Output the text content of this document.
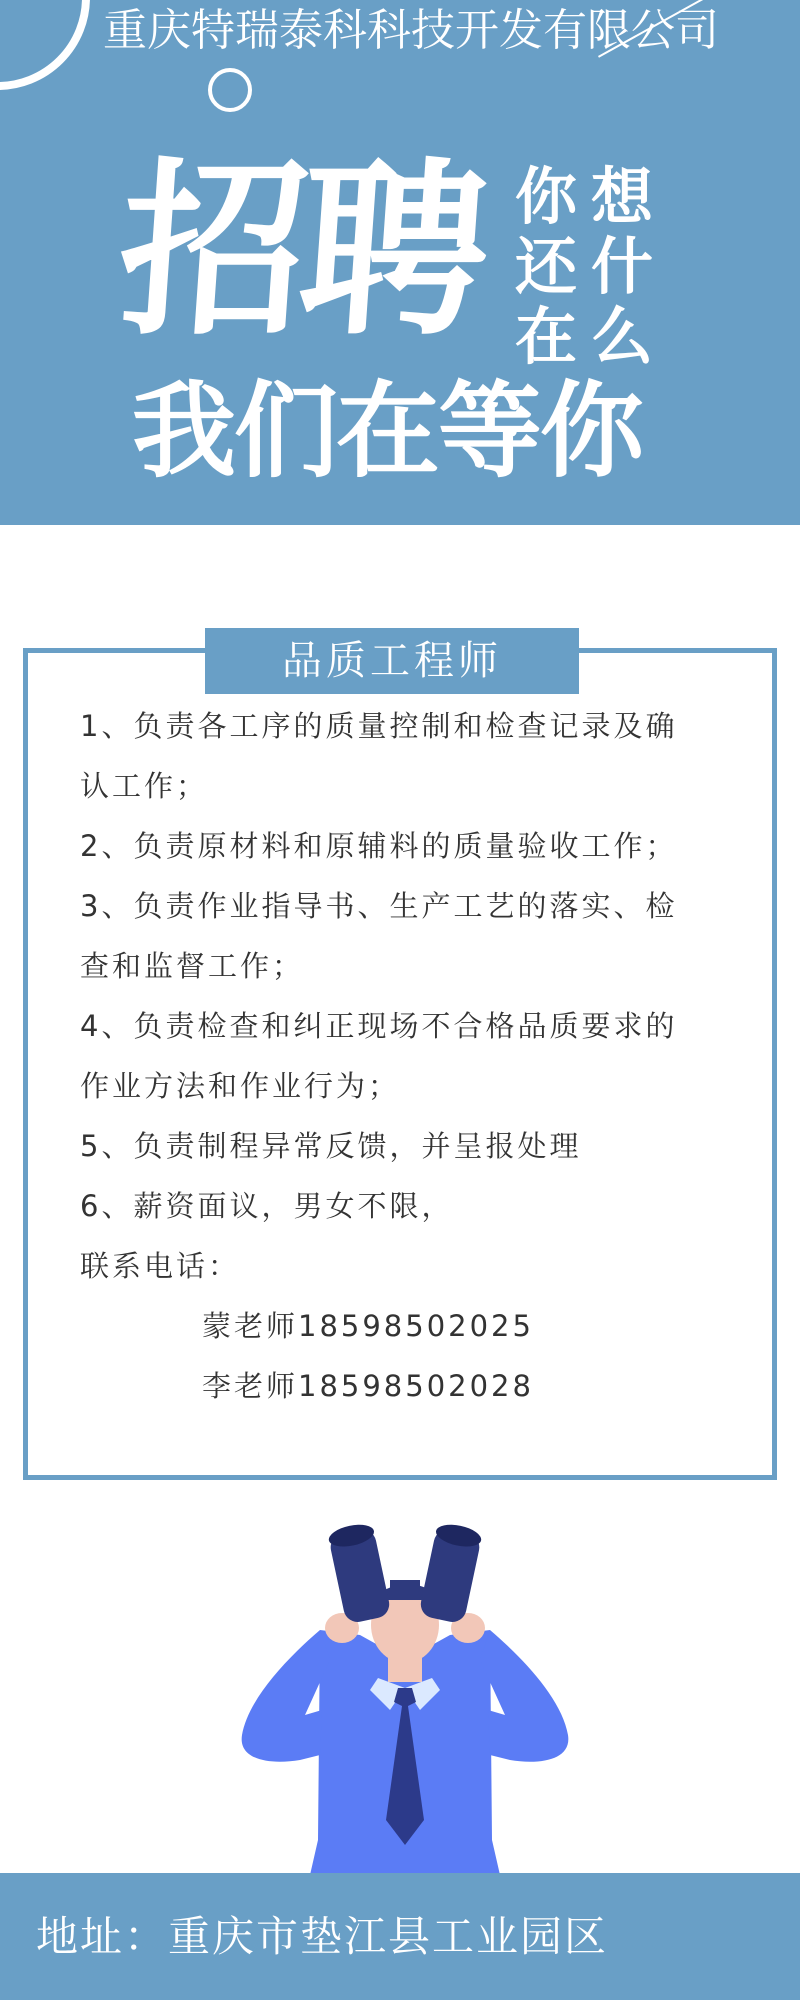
重庆特瑞泰科科技开发有限公司
招聘 你 想
还 什
在 么
我们在等你
品质工程师

1、负责各工序的质量控制和检查记录及确认工作；

2、负责原材料和原辅料的质量验收工作；

3、负责作业指导书、生产工艺的落实、检查和监督工作；

4、负责检查和纠正现场不合格品质要求的作业方法和作业行为；

5、负责制程异常反馈，并呈报处理

6、薪资面议，男女不限，

联系电话：

蒙老师18598502025

李老师18598502028

地址：重庆市垫江县工业园区
